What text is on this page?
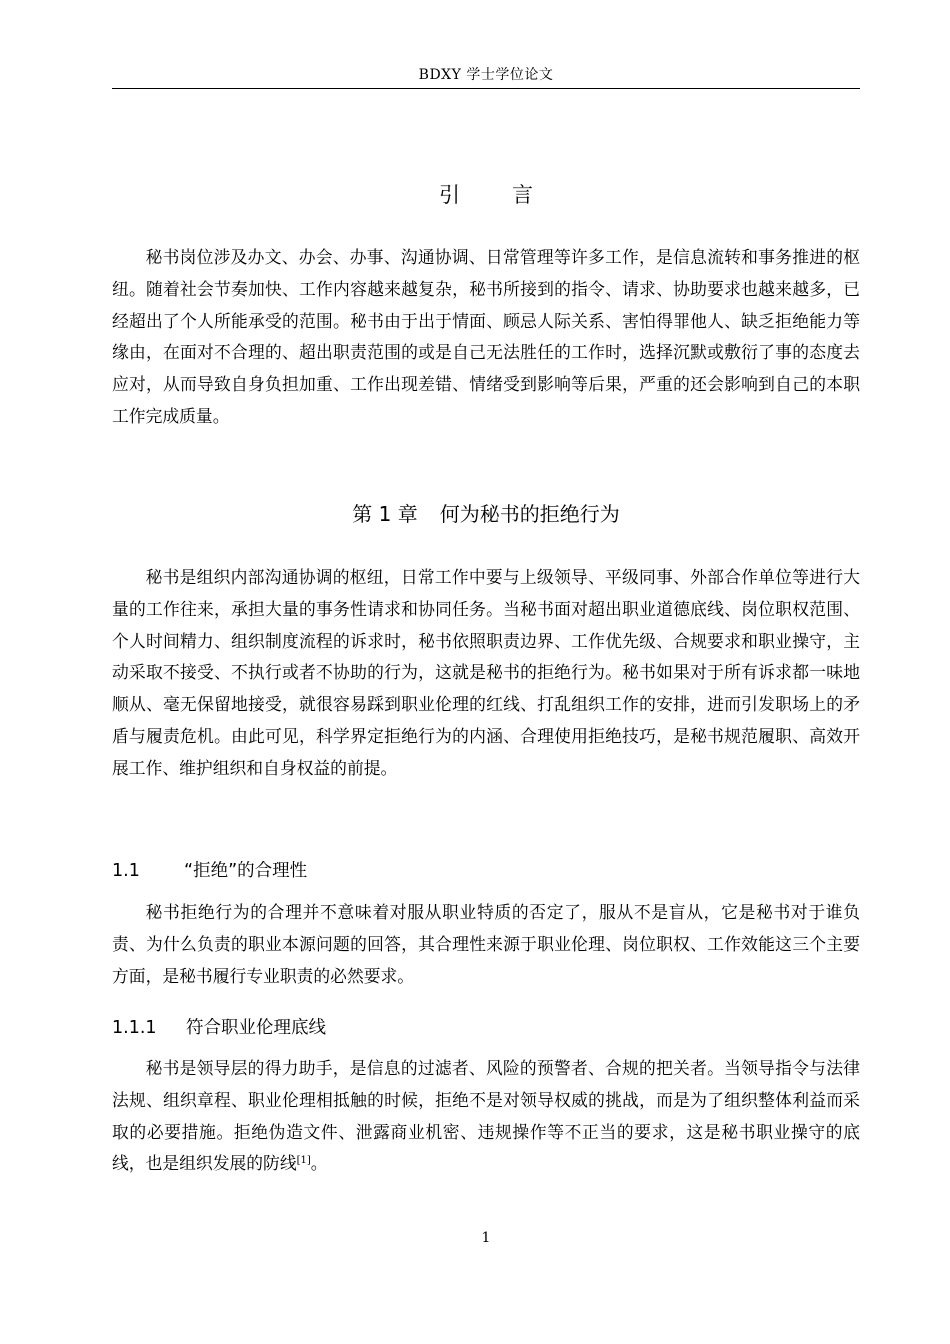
BDXY 学士学位论文
引 言
秘书岗位涉及办文、办会、办事、沟通协调、日常管理等许多工作，是信息流转和事务推进的枢纽。随着社会节奏加快、工作内容越来越复杂，秘书所接到的指令、请求、协助要求也越来越多，已经超出了个人所能承受的范围。秘书由于出于情面、顾忌人际关系、害怕得罪他人、缺乏拒绝能力等缘由，在面对不合理的、超出职责范围的或是自己无法胜任的工作时，选择沉默或敷衍了事的态度去应对，从而导致自身负担加重、工作出现差错、情绪受到影响等后果，严重的还会影响到自己的本职工作完成质量。
第 1 章 何为秘书的拒绝行为
秘书是组织内部沟通协调的枢纽，日常工作中要与上级领导、平级同事、外部合作单位等进行大量的工作往来，承担大量的事务性请求和协同任务。当秘书面对超出职业道德底线、岗位职权范围、个人时间精力、组织制度流程的诉求时，秘书依照职责边界、工作优先级、合规要求和职业操守，主动采取不接受、不执行或者不协助的行为，这就是秘书的拒绝行为。秘书如果对于所有诉求都一味地顺从、毫无保留地接受，就很容易踩到职业伦理的红线、打乱组织工作的安排，进而引发职场上的矛盾与履责危机。由此可见，科学界定拒绝行为的内涵、合理使用拒绝技巧，是秘书规范履职、高效开展工作、维护组织和自身权益的前提。
1.1	“拒绝”的合理性
秘书拒绝行为的合理并不意味着对服从职业特质的否定了，服从不是盲从，它是秘书对于谁负责、为什么负责的职业本源问题的回答，其合理性来源于职业伦理、岗位职权、工作效能这三个主要方面，是秘书履行专业职责的必然要求。
1.1.1 符合职业伦理底线
秘书是领导层的得力助手，是信息的过滤者、风险的预警者、合规的把关者。当领导指令与法律法规、组织章程、职业伦理相抵触的时候，拒绝不是对领导权威的挑战，而是为了组织整体利益而采取的必要措施。拒绝伪造文件、泄露商业机密、违规操作等不正当的要求，这是秘书职业操守的底线，也是组织发展的防线[1]。
1
